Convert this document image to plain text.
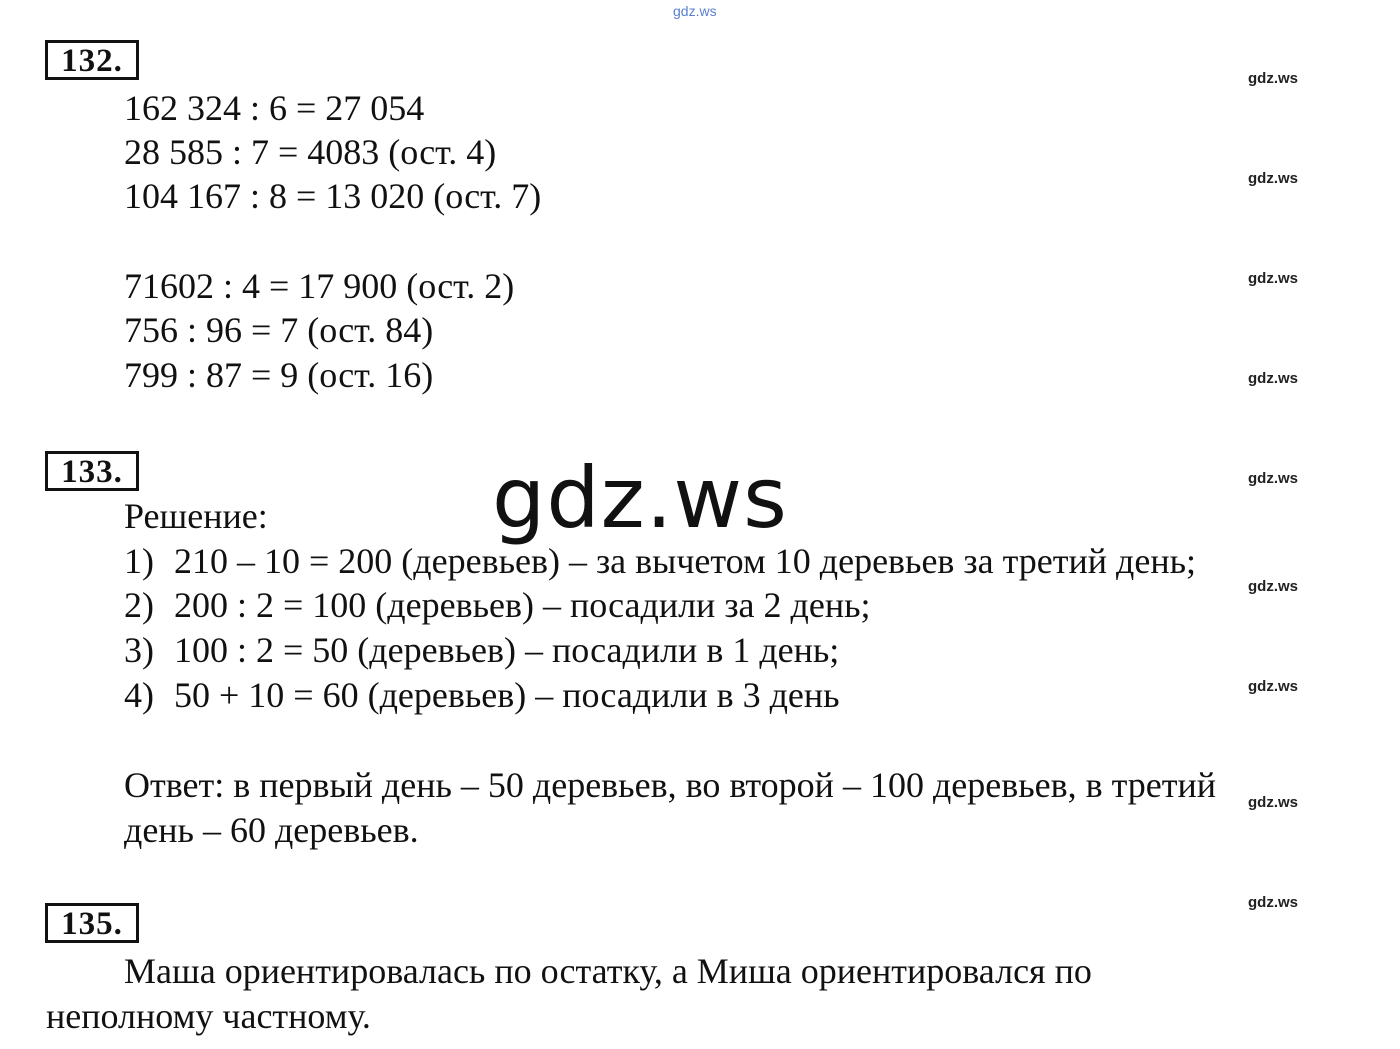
gdz.ws
gdz.ws
gdz.ws
gdz.ws
gdz.ws
gdz.ws
gdz.ws
gdz.ws
gdz.ws
gdz.ws
132.
162 324 : 6 = 27 054
28 585 : 7 = 4083 (ост. 4)
104 167 : 8 = 13 020 (ост. 7)
71602 : 4 = 17 900 (ост. 2)
756 : 96 = 7 (ост. 84)
799 : 87 = 9 (ост. 16)
133.
Решение:
1) 210 – 10 = 200 (деревьев) – за вычетом 10 деревьев за третий день;
2) 200 : 2 = 100 (деревьев) – посадили за 2 день;
3) 100 : 2 = 50 (деревьев) – посадили в 1 день;
4) 50 + 10 = 60 (деревьев) – посадили в 3 день
Ответ: в первый день – 50 деревьев, во второй – 100 деревьев, в третий
день – 60 деревьев.
gdz.ws
135.
Маша ориентировалась по остатку, а Миша ориентировался по
неполному частному.
